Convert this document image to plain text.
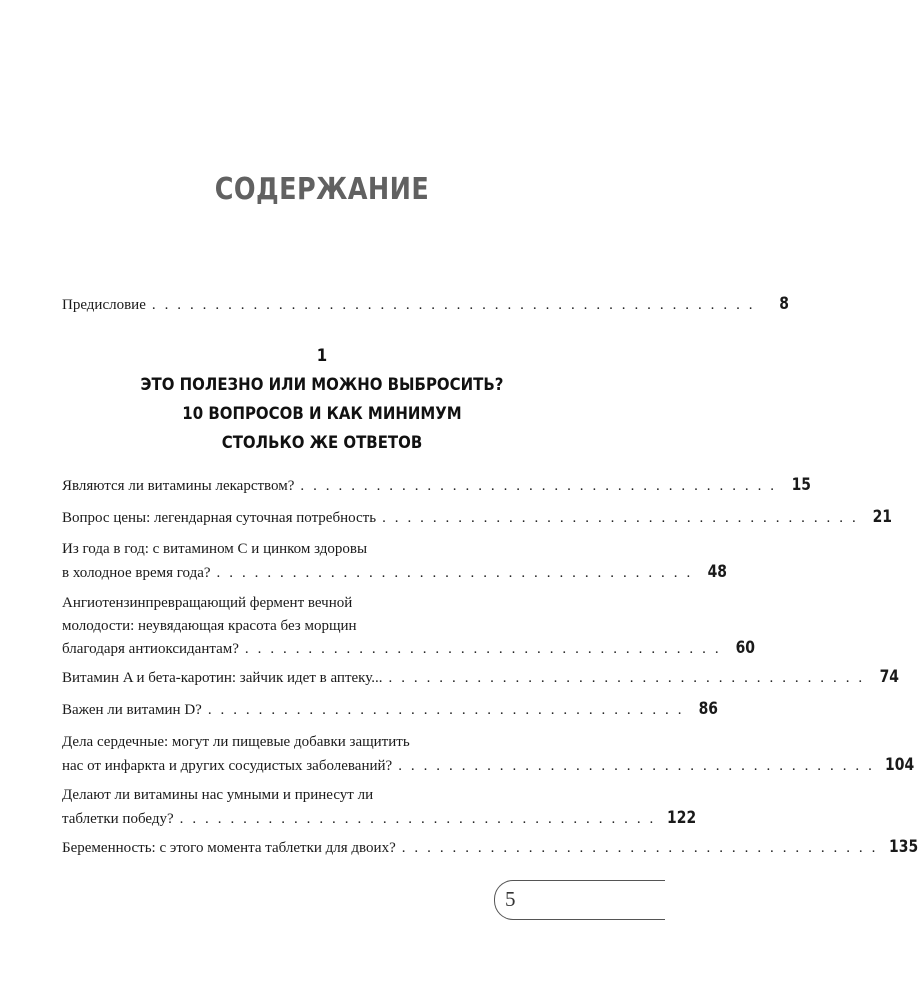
СОДЕРЖАНИЕ
Предисловие . . . . . . . . . . . . . . . . . . . . . . . . . . . . . . . . . . . . . . . . . . . . . . . .	8
1
ЭТО ПОЛЕЗНО ИЛИ МОЖНО ВЫБРОСИТЬ?
10 ВОПРОСОВ И КАК МИНИМУМ
СТОЛЬКО ЖЕ ОТВЕТОВ
Являются ли витамины лекарством? . . . . . . . . . . . . . . . . . . . . . . . . . . . . . . . . . . . . . . 15
Вопрос цены: легендарная суточная потребность . . . . . . . . . . . . . . . . . . . . . . . . . . . . . . . . . . . . . . 21
Из года в год: с витамином C и цинком здоровы
в холодное время года? . . . . . . . . . . . . . . . . . . . . . . . . . . . . . . . . . . . . . . 48
Ангиотензинпревращающий фермент вечной
молодости: неувядающая красота без морщин
благодаря антиоксидантам? . . . . . . . . . . . . . . . . . . . . . . . . . . . . . . . . . . . . . . 60
Витамин A и бета-каротин: зайчик идет в аптеку... . . . . . . . . . . . . . . . . . . . . . . . . . . . . . . . . . . . . . . 74
Важен ли витамин D? . . . . . . . . . . . . . . . . . . . . . . . . . . . . . . . . . . . . . . 86
Дела сердечные: могут ли пищевые добавки защитить
нас от инфаркта и других сосудистых заболеваний? . . . . . . . . . . . . . . . . . . . . . . . . . . . . . . . . . . . . . . 104
Делают ли витамины нас умными и принесут ли
таблетки победу? . . . . . . . . . . . . . . . . . . . . . . . . . . . . . . . . . . . . . . 122
Беременность: с этого момента таблетки для двоих? . . . . . . . . . . . . . . . . . . . . . . . . . . . . . . . . . . . . . . 135
5
